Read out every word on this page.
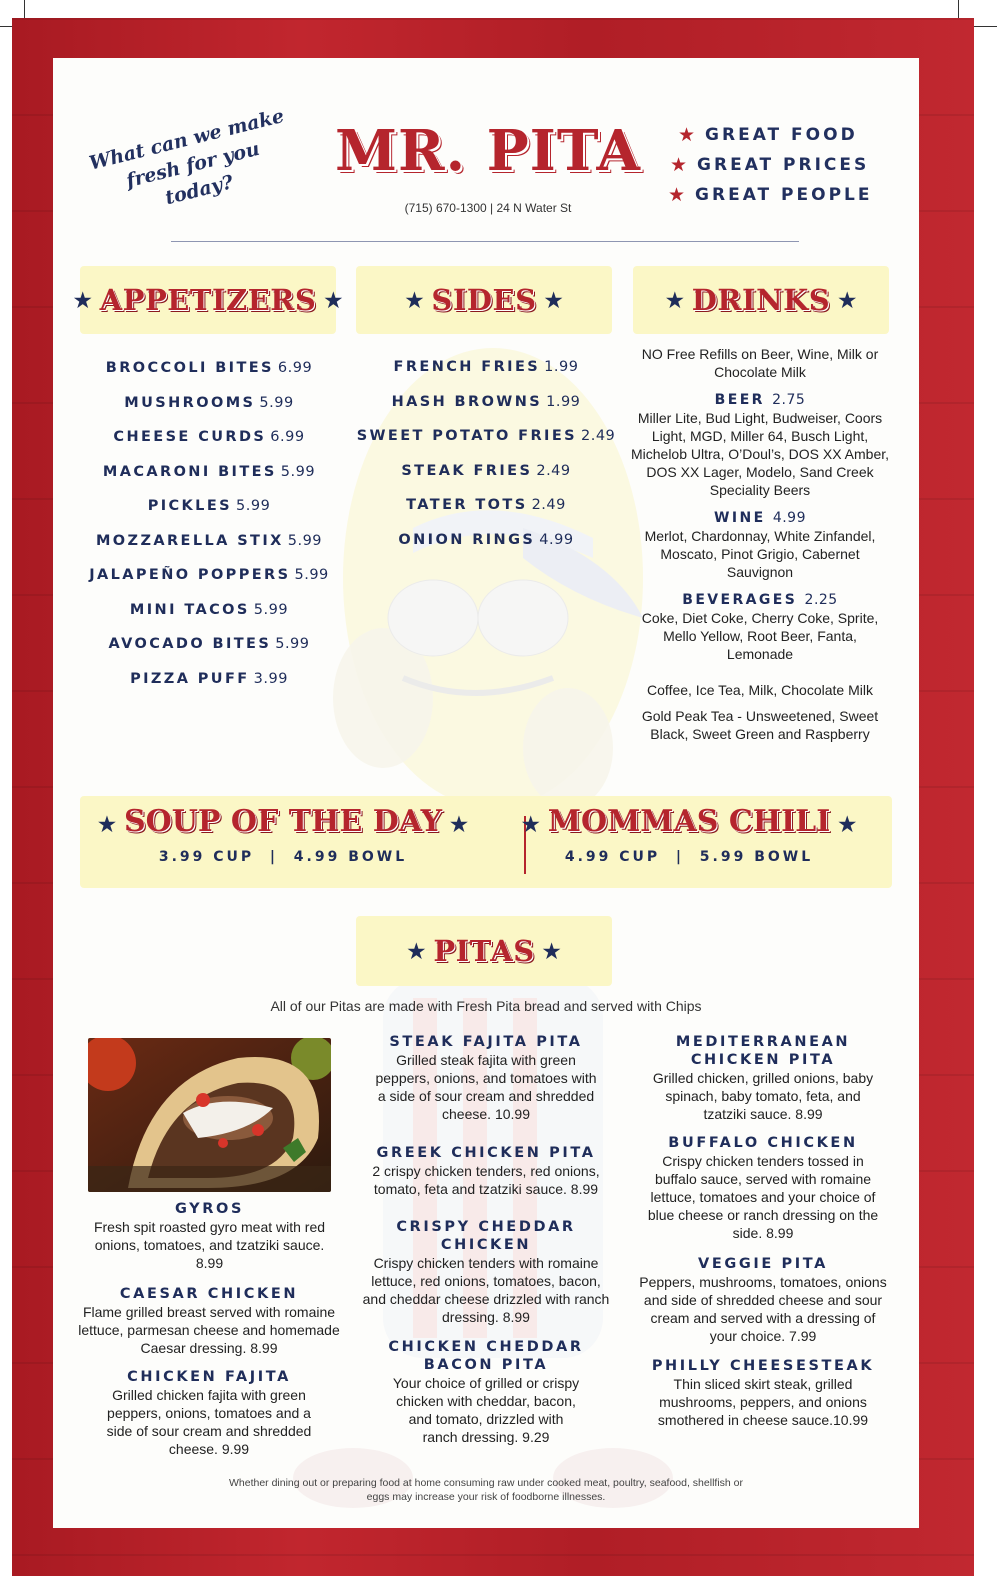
What can we make fresh for you today?
MR. PITA
(715) 670-1300 | 24 N Water St
★ GREAT FOOD
★ GREAT PRICES
★ GREAT PEOPLE
★ APPETIZERS ★	★ SIDES ★	★ DRINKS ★
BROCCOLI BITES 6.99
MUSHROOMS 5.99
CHEESE CURDS 6.99
MACARONI BITES 5.99
PICKLES 5.99
MOZZARELLA STIX 5.99
JALAPEÑO POPPERS 5.99
MINI TACOS 5.99
AVOCADO BITES 5.99
PIZZA PUFF 3.99
FRENCH FRIES 1.99
HASH BROWNS 1.99
SWEET POTATO FRIES 2.49
STEAK FRIES 2.49
TATER TOTS 2.49
ONION RINGS 4.99
NO Free Refills on Beer, Wine, Milk or Chocolate Milk
BEER 2.75
Miller Lite, Bud Light, Budweiser, Coors Light, MGD, Miller 64, Busch Light, Michelob Ultra, O’Doul’s, DOS XX Amber, DOS XX Lager, Modelo, Sand Creek Speciality Beers
WINE 4.99
Merlot, Chardonnay, White Zinfandel, Moscato, Pinot Grigio, Cabernet Sauvignon
BEVERAGES 2.25
Coke, Diet Coke, Cherry Coke, Sprite, Mello Yellow, Root Beer, Fanta, Lemonade
Coffee, Ice Tea, Milk, Chocolate Milk
Gold Peak Tea - Unsweetened, Sweet Black, Sweet Green and Raspberry
★ SOUP OF THE DAY ★
3.99 CUP  |  4.99 BOWL
★ MOMMAS CHILI ★
4.99 CUP  |  5.99 BOWL
★ PITAS ★
All of our Pitas are made with Fresh Pita bread and served with Chips
GYROS
Fresh spit roasted gyro meat with red onions, tomatoes, and tzatziki sauce. 8.99
CAESAR CHICKEN
Flame grilled breast served with romaine lettuce, parmesan cheese and homemade Caesar dressing. 8.99
CHICKEN FAJITA
Grilled chicken fajita with green peppers, onions, tomatoes and a side of sour cream and shredded cheese. 9.99
STEAK FAJITA PITA
Grilled steak fajita with green peppers, onions, and tomatoes with a side of sour cream and shredded cheese. 10.99
GREEK CHICKEN PITA
2 crispy chicken tenders, red onions, tomato, feta and tzatziki sauce. 8.99
CRISPY CHEDDAR CHICKEN
Crispy chicken tenders with romaine lettuce, red onions, tomatoes, bacon, and cheddar cheese drizzled with ranch dressing. 8.99
CHICKEN CHEDDAR BACON PITA
Your choice of grilled or crispy chicken with cheddar, bacon, and tomato, drizzled with ranch dressing. 9.29
MEDITERRANEAN CHICKEN PITA
Grilled chicken, grilled onions, baby spinach, baby tomato, feta, and tzatziki sauce. 8.99
BUFFALO CHICKEN
Crispy chicken tenders tossed in buffalo sauce, served with romaine lettuce, tomatoes and your choice of blue cheese or ranch dressing on the side. 8.99
VEGGIE PITA
Peppers, mushrooms, tomatoes, onions and side of shredded cheese and sour cream and served with a dressing of your choice. 7.99
PHILLY CHEESESTEAK
Thin sliced skirt steak, grilled mushrooms, peppers, and onions smothered in cheese sauce.10.99
Whether dining out or preparing food at home consuming raw under cooked meat, poultry, seafood, shellfish or eggs may increase your risk of foodborne illnesses.
